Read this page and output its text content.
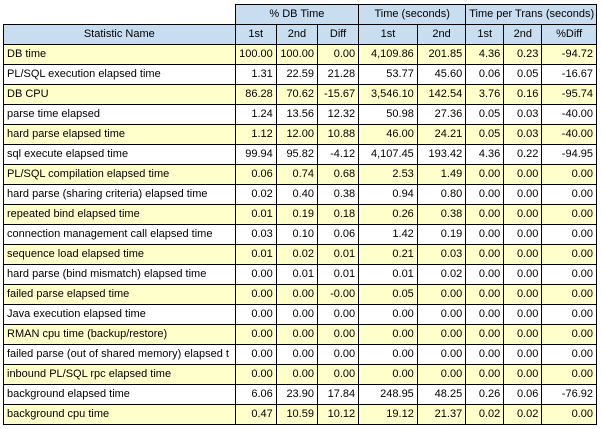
	% DB Time			Time (seconds)		Time per Trans (seconds)		
Statistic Name	1st	2nd	Diff	1st	2nd	1st	2nd	%Diff
DB time	100.00	100.00	0.00	4,109.86	201.85	4.36	0.23	-94.72
PL/SQL execution elapsed time	1.31	22.59	21.28	53.77	45.60	0.06	0.05	-16.67
DB CPU	86.28	70.62	-15.67	3,546.10	142.54	3.76	0.16	-95.74
parse time elapsed	1.24	13.56	12.32	50.98	27.36	0.05	0.03	-40.00
hard parse elapsed time	1.12	12.00	10.88	46.00	24.21	0.05	0.03	-40.00
sql execute elapsed time	99.94	95.82	-4.12	4,107.45	193.42	4.36	0.22	-94.95
PL/SQL compilation elapsed time	0.06	0.74	0.68	2.53	1.49	0.00	0.00	0.00
hard parse (sharing criteria) elapsed time	0.02	0.40	0.38	0.94	0.80	0.00	0.00	0.00
repeated bind elapsed time	0.01	0.19	0.18	0.26	0.38	0.00	0.00	0.00
connection management call elapsed time	0.03	0.10	0.06	1.42	0.19	0.00	0.00	0.00
sequence load elapsed time	0.01	0.02	0.01	0.21	0.03	0.00	0.00	0.00
hard parse (bind mismatch) elapsed time	0.00	0.01	0.01	0.01	0.02	0.00	0.00	0.00
failed parse elapsed time	0.00	0.00	-0.00	0.05	0.00	0.00	0.00	0.00
Java execution elapsed time	0.00	0.00	0.00	0.00	0.00	0.00	0.00	0.00
RMAN cpu time (backup/restore)	0.00	0.00	0.00	0.00	0.00	0.00	0.00	0.00
failed parse (out of shared memory) elapsed t	0.00	0.00	0.00	0.00	0.00	0.00	0.00	0.00
inbound PL/SQL rpc elapsed time	0.00	0.00	0.00	0.00	0.00	0.00	0.00	0.00
background elapsed time	6.06	23.90	17.84	248.95	48.25	0.26	0.06	-76.92
background cpu time	0.47	10.59	10.12	19.12	21.37	0.02	0.02	0.00
